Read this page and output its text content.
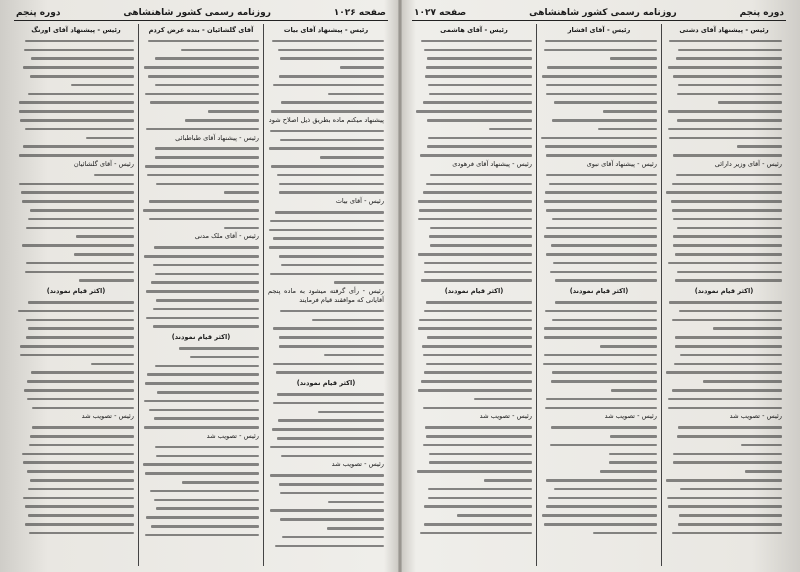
صفحه ۱۰۲۶
روزنامه رسمی کشور شاهنشاهی
دوره پنجم

رئیس - پیشنهاد آقای بیات

پیشنهاد میکنم ماده بطریق ذیل اصلاح شود

رئیس - آقای بیات

رئیس - رأی گرفته میشود به ماده پنجم آقایانی که موافقند قیام فرمایند

(اکثر قیام نمودند)

رئیس - تصویب شد

آقای گلشائیان - بنده عرض کردم

رئیس - پیشنهاد آقای طباطبائی

رئیس - آقای ملک مدنی

(اکثر قیام نمودند)

رئیس - تصویب شد

رئیس - پیشنهاد آقای اورنگ

رئیس - آقای گلشائیان

(اکثر قیام نمودند)

رئیس - تصویب شد

دوره پنجم
روزنامه رسمی کشور شاهنشاهی
صفحه ۱۰۲۷

رئیس - پیشنهاد آقای دشتی

رئیس - آقای وزیر دارائی

(اکثر قیام نمودند)

رئیس - تصویب شد

رئیس - آقای افشار

رئیس - پیشنهاد آقای نبوی

(اکثر قیام نمودند)

رئیس - تصویب شد

رئیس - آقای هاشمی

رئیس - پیشنهاد آقای فرهودی

(اکثر قیام نمودند)

رئیس - تصویب شد
